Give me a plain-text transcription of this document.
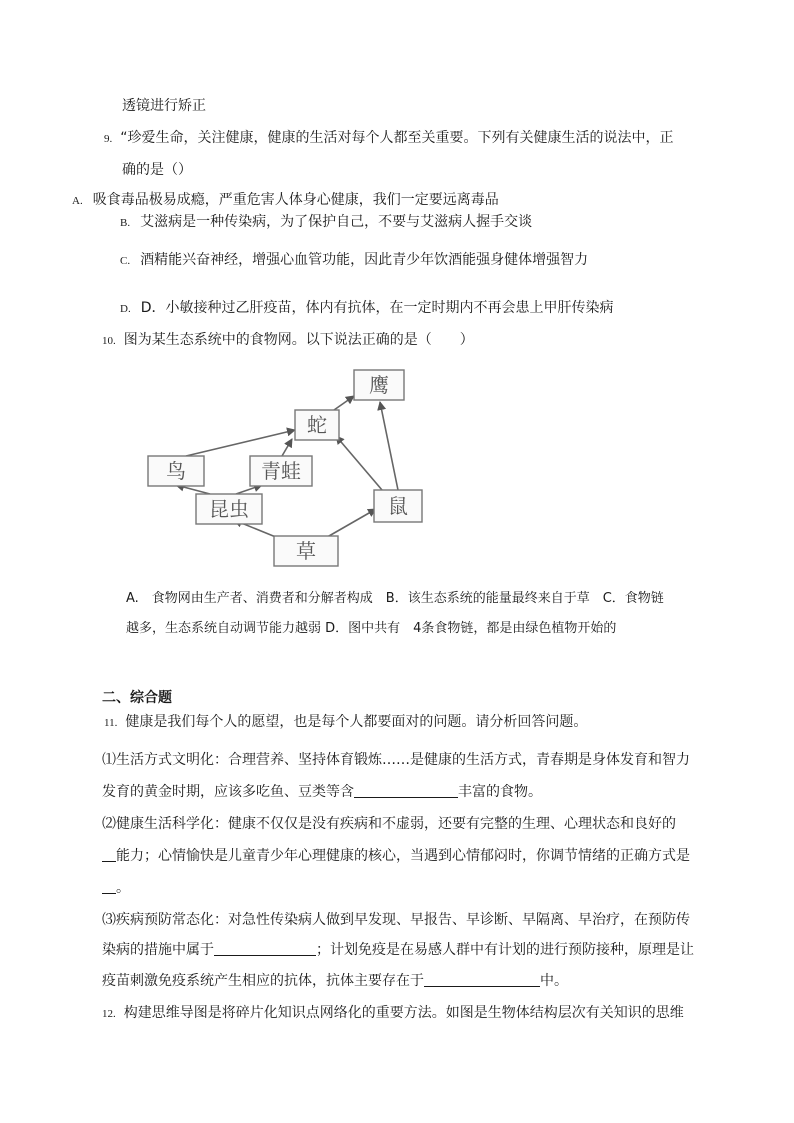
透镜进行矫正
9. “珍爱生命，关注健康，健康的生活对每个人都至关重要。下列有关健康生活的说法中，正
确的是（）
A. 吸食毒品极易成瘾，严重危害人体身心健康，我们一定要远离毒品
B. 艾滋病是一种传染病，为了保护自己，不要与艾滋病人握手交谈
C. 酒精能兴奋神经，增强心血管功能，因此青少年饮酒能强身健体增强智力
D. D．小敏接种过乙肝疫苗，体内有抗体，在一定时期内不再会患上甲肝传染病
10. 图为某生态系统中的食物网。以下说法正确的是（　　）
鹰
蛇
鸟	青蛙
昆虫	鼠
草
A.　食物网由生产者、消费者和分解者构成　B．该生态系统的能量最终来自于草　C．食物链
越多，生态系统自动调节能力越弱 D．图中共有　4条食物链，都是由绿色植物开始的
二、综合题
11. 健康是我们每个人的愿望，也是每个人都要面对的问题。请分析回答问题。
⑴生活方式文明化：合理营养、坚持体育锻炼……是健康的生活方式，青春期是身体发育和智力
发育的黄金时期，应该多吃鱼、豆类等含	丰富的食物。
⑵健康生活科学化：健康不仅仅是没有疾病和不虚弱，还要有完整的生理、心理状态和良好的
能力；心情愉快是儿童青少年心理健康的核心，当遇到心情郁闷时，你调节情绪的正确方式是
。
⑶疾病预防常态化：对急性传染病人做到早发现、早报告、早诊断、早隔离、早治疗，在预防传
染病的措施中属于	；计划免疫是在易感人群中有计划的进行预防接种，原理是让
疫苗刺激免疫系统产生相应的抗体，抗体主要存在于	中。
12. 构建思维导图是将碎片化知识点网络化的重要方法。如图是生物体结构层次有关知识的思维
